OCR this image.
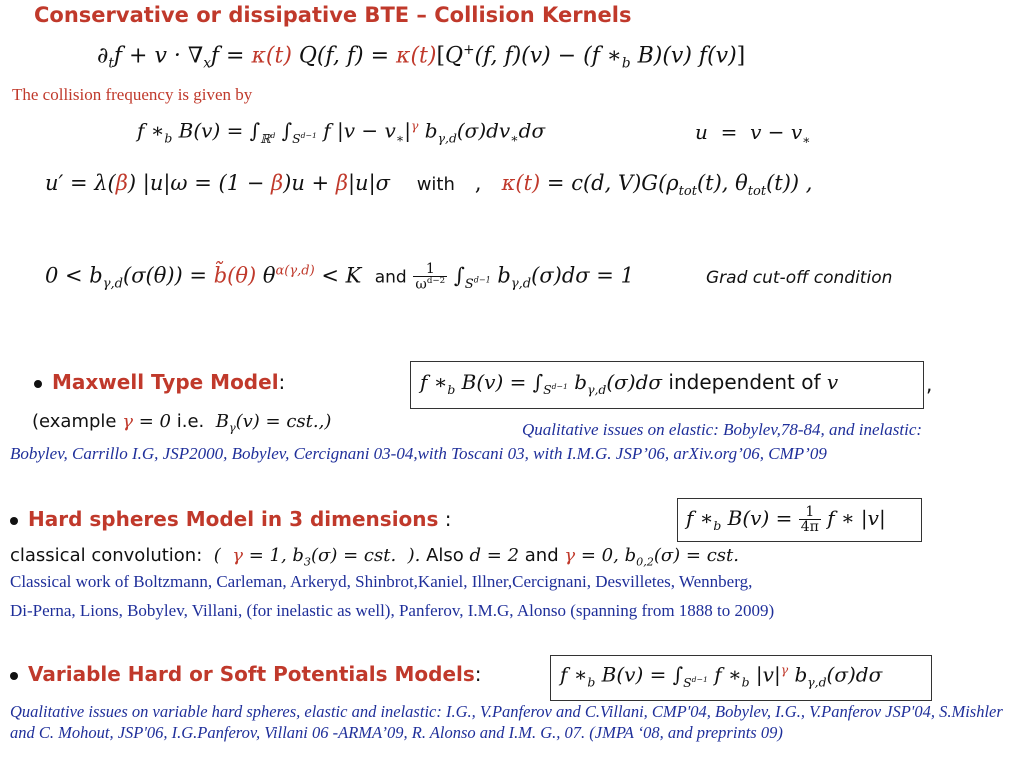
Conservative or dissipative BTE – Collision Kernels
$\partial_tf + v \cdot \nabla_xf = \kappa(t)$ Q(f, f) = κ(t)[Q+(f, f)(v) − (f $∗_b$ B)(v) f(v)]
The collision frequency is given by
f $∗_b$ $B(v) = \int_{ℝ^d}$ $\int_{S^{d-1}}$ f $|v - v_∗|^\gamma$ $b_{\gamma,d}(\sigma)dv_∗d\sigma$	$u = v - v_∗$
u′ = λ(β) |u|ω = (1 − β)u + β|u|σ    with , κ(t) = c(d, $V)G(\rho_{tot}(t)$, $\theta_{tot}(t)$) ,
$0 < b_{\gamma,d}(\sigma(\theta))$ = b̃(θ) $\theta^{\alpha(\gamma,d)} < K$  and $\frac{1}{\omega^{d-2}} \int_{S^{d-1}}$ $b_{\gamma,d}(\sigma)d\sigma = 1$	Grad cut-off condition
Maxwell Type Model:	f $∗_b$ $B(v) = \int_{S^{d-1}}$ $b_{\gamma,d}(\sigma)d\sigma$ independent of v	,
(example γ = 0 i.e.  $B_\gamma(v) = cst$.,)	Qualitative issues on elastic: Bobylev,78-84, and inelastic:
Bobylev, Carrillo I.G, JSP2000, Bobylev, Cercignani 03-04,with Toscani 03, with I.M.G. JSP’06, arXiv.org’06, CMP’09
Hard spheres Model in 3 dimensions :	f $∗_b$ $B(v) = \frac{1}{4\pi}$ f ∗ |v|
classical convolution:  (  γ = 1, $b_3(\sigma)$ = cst.  ). Also d = 2 and γ = 0, $b_{0,2}(\sigma)$ = cst.
Classical work of Boltzmann, Carleman, Arkeryd, Shinbrot,Kaniel, Illner,Cercignani, Desvilletes, Wennberg,
Di-Perna, Lions, Bobylev, Villani, (for inelastic as well), Panferov, I.M.G, Alonso (spanning from 1888 to 2009)
Variable Hard or Soft Potentials Models:	f $∗_b$ $B(v) = \int_{S^{d-1}}$ f $∗_b$ $|v|^\gamma$ $b_{\gamma,d}(\sigma)d\sigma$
Qualitative issues on variable hard spheres, elastic and inelastic: I.G., V.Panferov and C.Villani, CMP'04, Bobylev, I.G., V.Panferov JSP'04, S.Mishler and C. Mohout, JSP'06, I.G.Panferov, Villani 06 -ARMA’09, R. Alonso and I.M. G., 07. (JMPA ‘08, and preprints 09)
